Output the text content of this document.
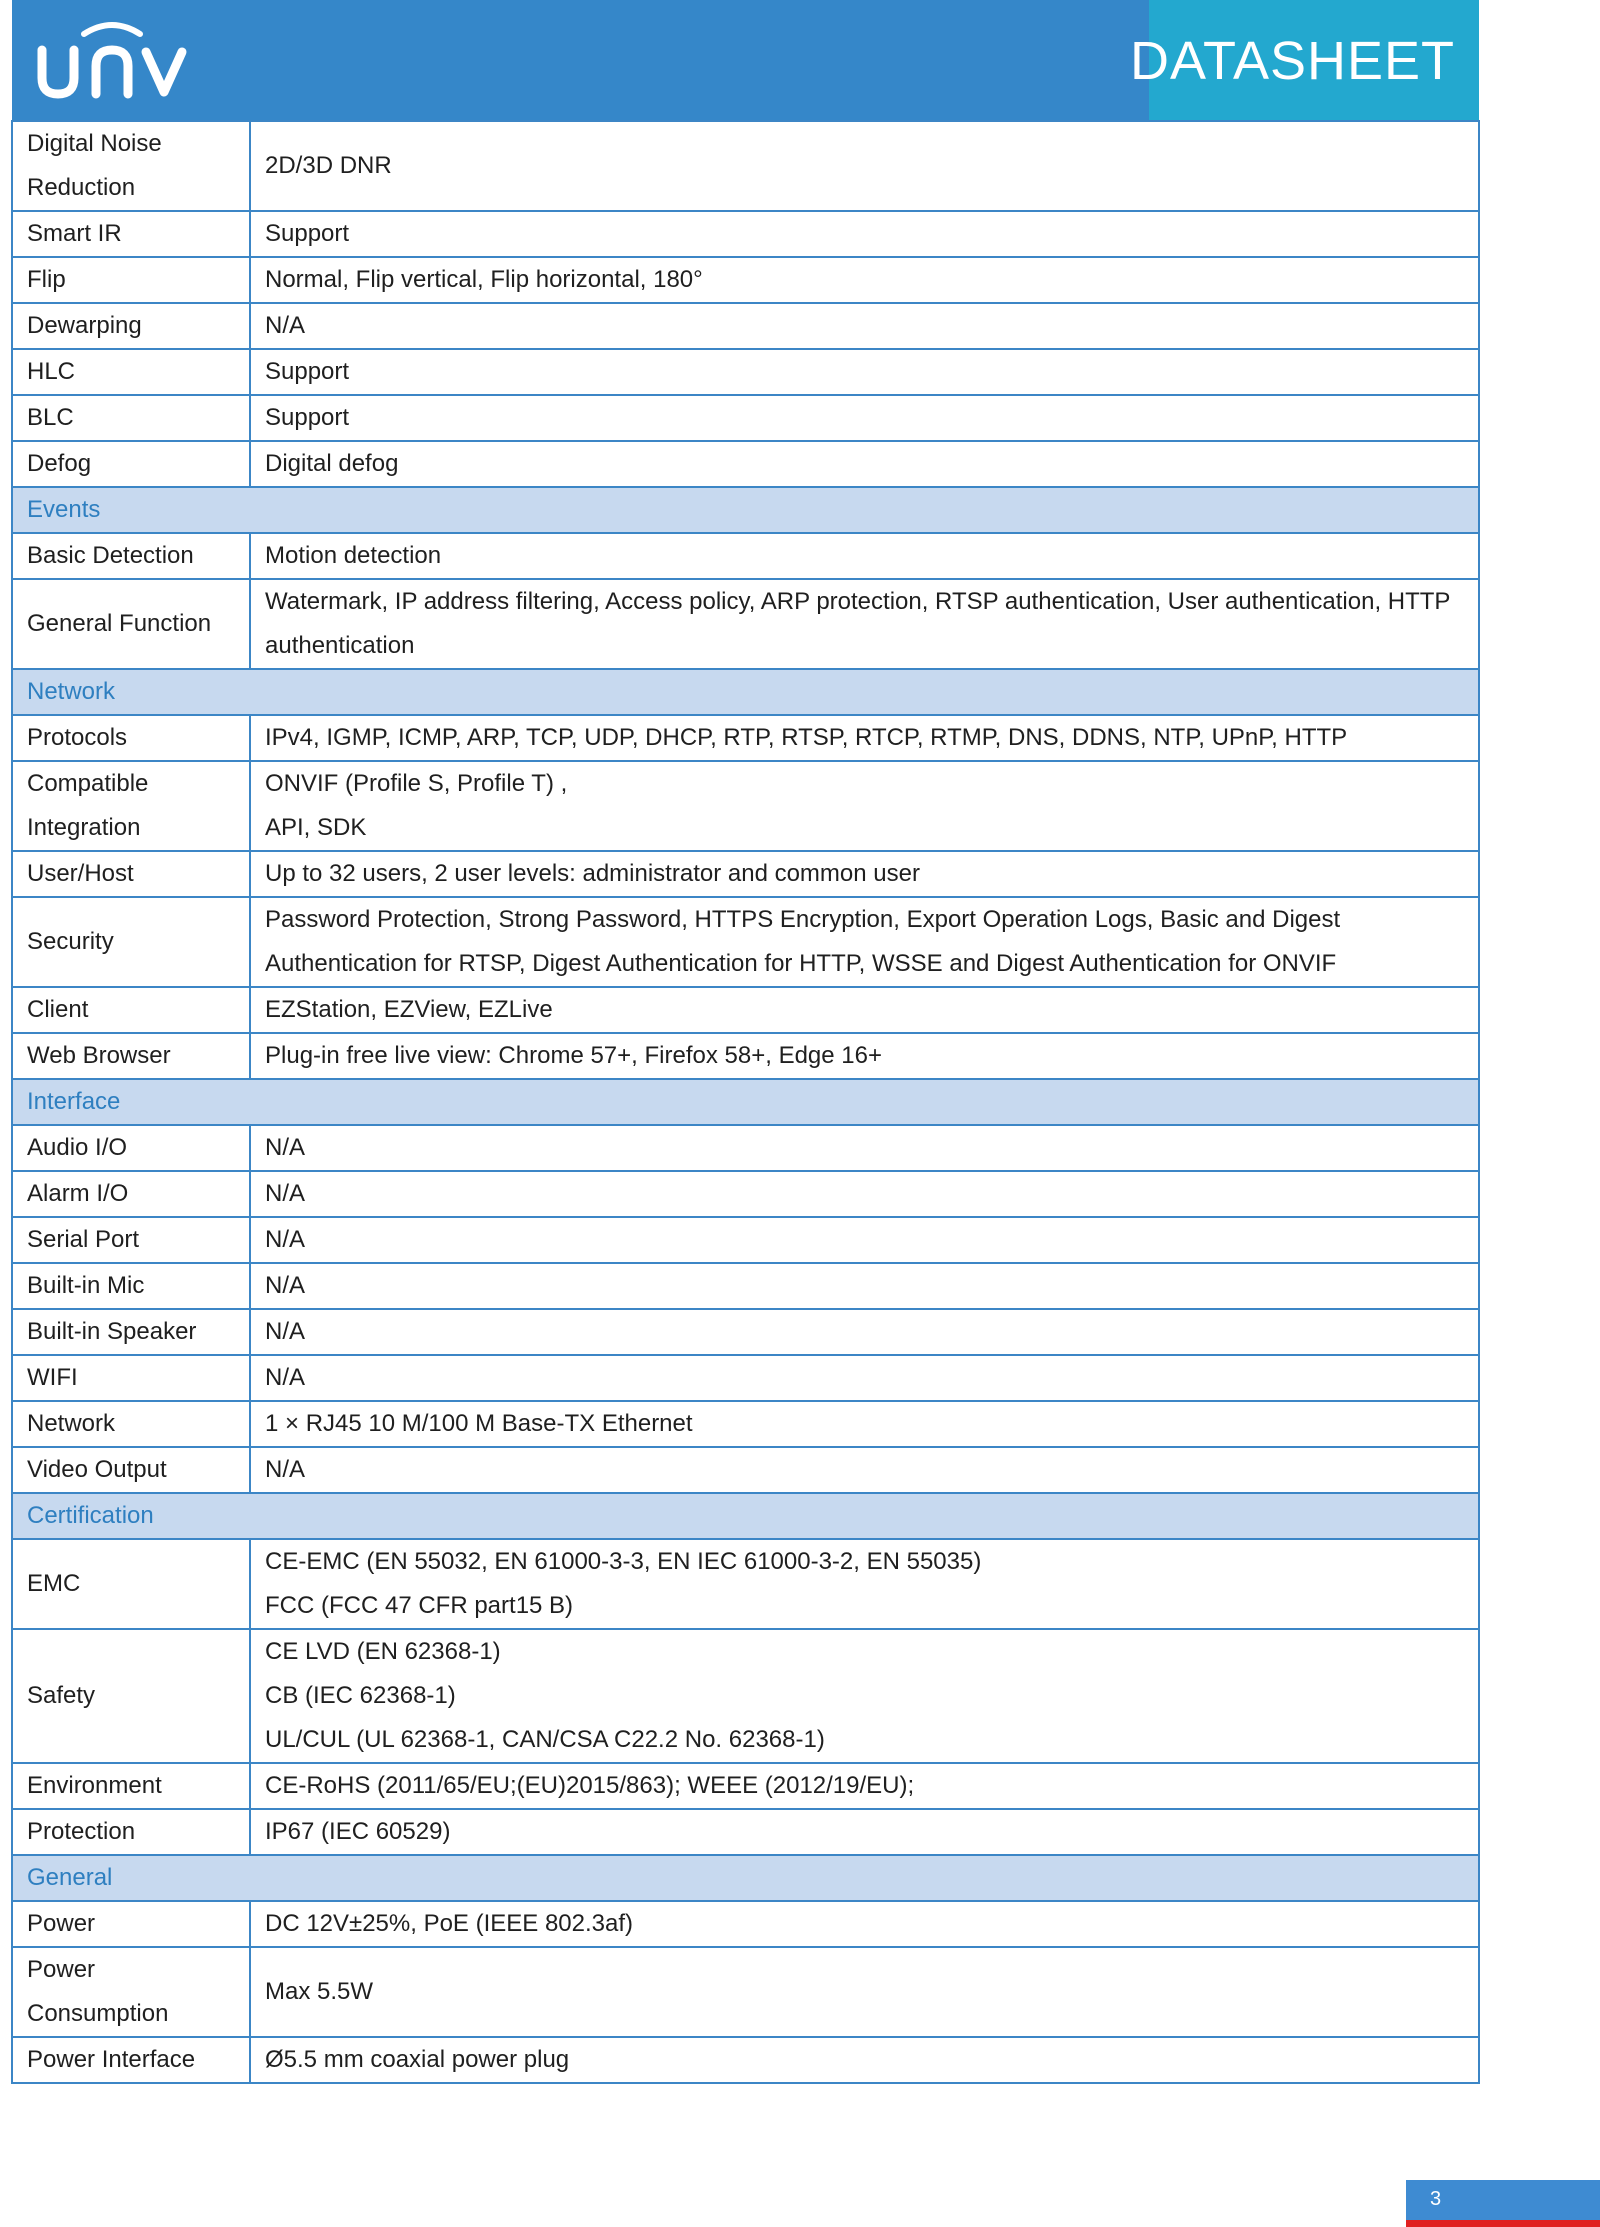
DATASHEET
Digital Noise Reduction	2D/3D DNR
Smart IR	Support
Flip	Normal, Flip vertical, Flip horizontal, 180°
Dewarping	N/A
HLC	Support
BLC	Support
Defog	Digital defog
Events	
Basic Detection	Motion detection
General Function	Watermark, IP address filtering, Access policy, ARP protection, RTSP authentication, User authentication, HTTP authentication
Network	
Protocols	IPv4, IGMP, ICMP, ARP, TCP, UDP, DHCP, RTP, RTSP, RTCP, RTMP, DNS, DDNS, NTP, UPnP, HTTP
Compatible Integration	ONVIF (Profile S, Profile T) ,
API, SDK
User/Host	Up to 32 users, 2 user levels: administrator and common user
Security	Password Protection, Strong Password, HTTPS Encryption, Export Operation Logs, Basic and Digest Authentication for RTSP, Digest Authentication for HTTP, WSSE and Digest Authentication for ONVIF
Client	EZStation, EZView, EZLive
Web Browser	Plug-in free live view: Chrome 57+, Firefox 58+, Edge 16+
Interface	
Audio I/O	N/A
Alarm I/O	N/A
Serial Port	N/A
Built-in Mic	N/A
Built-in Speaker	N/A
WIFI	N/A
Network	1 × RJ45 10 M/100 M Base-TX Ethernet
Video Output	N/A
Certification	
EMC	CE-EMC (EN 55032, EN 61000-3-3, EN IEC 61000-3-2, EN 55035)
FCC (FCC 47 CFR part15 B)
Safety	CE LVD (EN 62368-1)
CB (IEC 62368-1)
UL/CUL (UL 62368-1, CAN/CSA C22.2 No. 62368-1)
Environment	CE-RoHS (2011/65/EU;(EU)2015/863); WEEE (2012/19/EU);
Protection	IP67 (IEC 60529)
General	
Power	DC 12V±25%, PoE (IEEE 802.3af)
Power Consumption	Max 5.5W
Power Interface	Ø5.5 mm coaxial power plug
3
